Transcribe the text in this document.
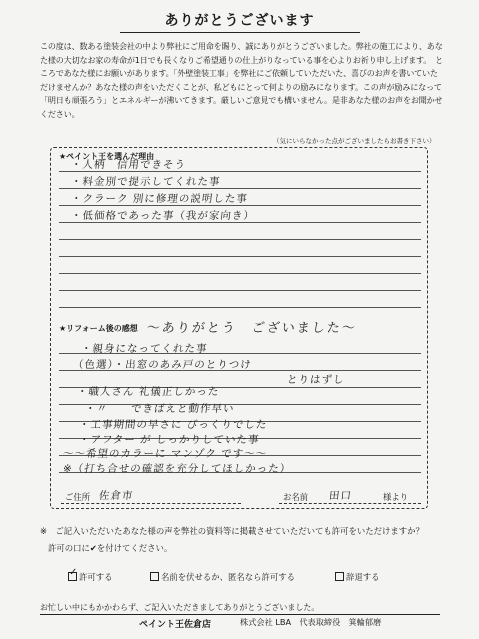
ありがとうございます
この度は、数ある塗装会社の中より弊社にご用命を賜り、誠にありがとうございました。弊社の施工により、あなた様の大切なお家の寿命が1日でも長くなりご希望通りの仕上がりなっている事を心よりお祈り申し上げます。　ところであなた様にお願いがあります。「外壁塗装工事」を弊社にご依頼していただいた、喜びのお声を書いていただけませんか？あなた様の声をいただくことが、私どもにとって何よりの励みになります。この声が励みになって「明日も頑張ろう」とエネルギーが沸いてきます。厳しいご意見でも構いません。是非あなた様のお声をお聞かせください。
（気にいらなかった点がございましたらお書き下さい）
★ペイント王を選んだ理由
・人柄　信用できそう
・料金別で提示してくれた事
・クラーク 別に修理の説明した事
・低価格であった事（我が家向き）
★リフォーム後の感想 〜ありがとう　ございました〜
・親身になってくれた事
（色選）・出窓のあみ戸のとりつけ
とりはずし
・職人さん 礼儀正しかった
・〃　　できばえと動作早い
・工事期間の早さに びっくりでした
・アフター が しっかりしていた事
〜〜希望のカラーに マンゾク です〜〜
※（打ち合せの確認を充分してほしかった）
ご住所 佐倉市	お名前 田口	様より
※　ご記入いただいたあなた様の声を弊社の資料等に掲載させていただいても許可をいただけますか？
許可の口に✔を付けてください。
✓ 許可する	名前を伏せるか、匿名なら許可する	辞退する
お忙しい中にもかかわらず、ご記入いただきましてありがとうございました。
ペイント王佐倉店	株式会社 LBA　代表取締役　箕輪郁磨
